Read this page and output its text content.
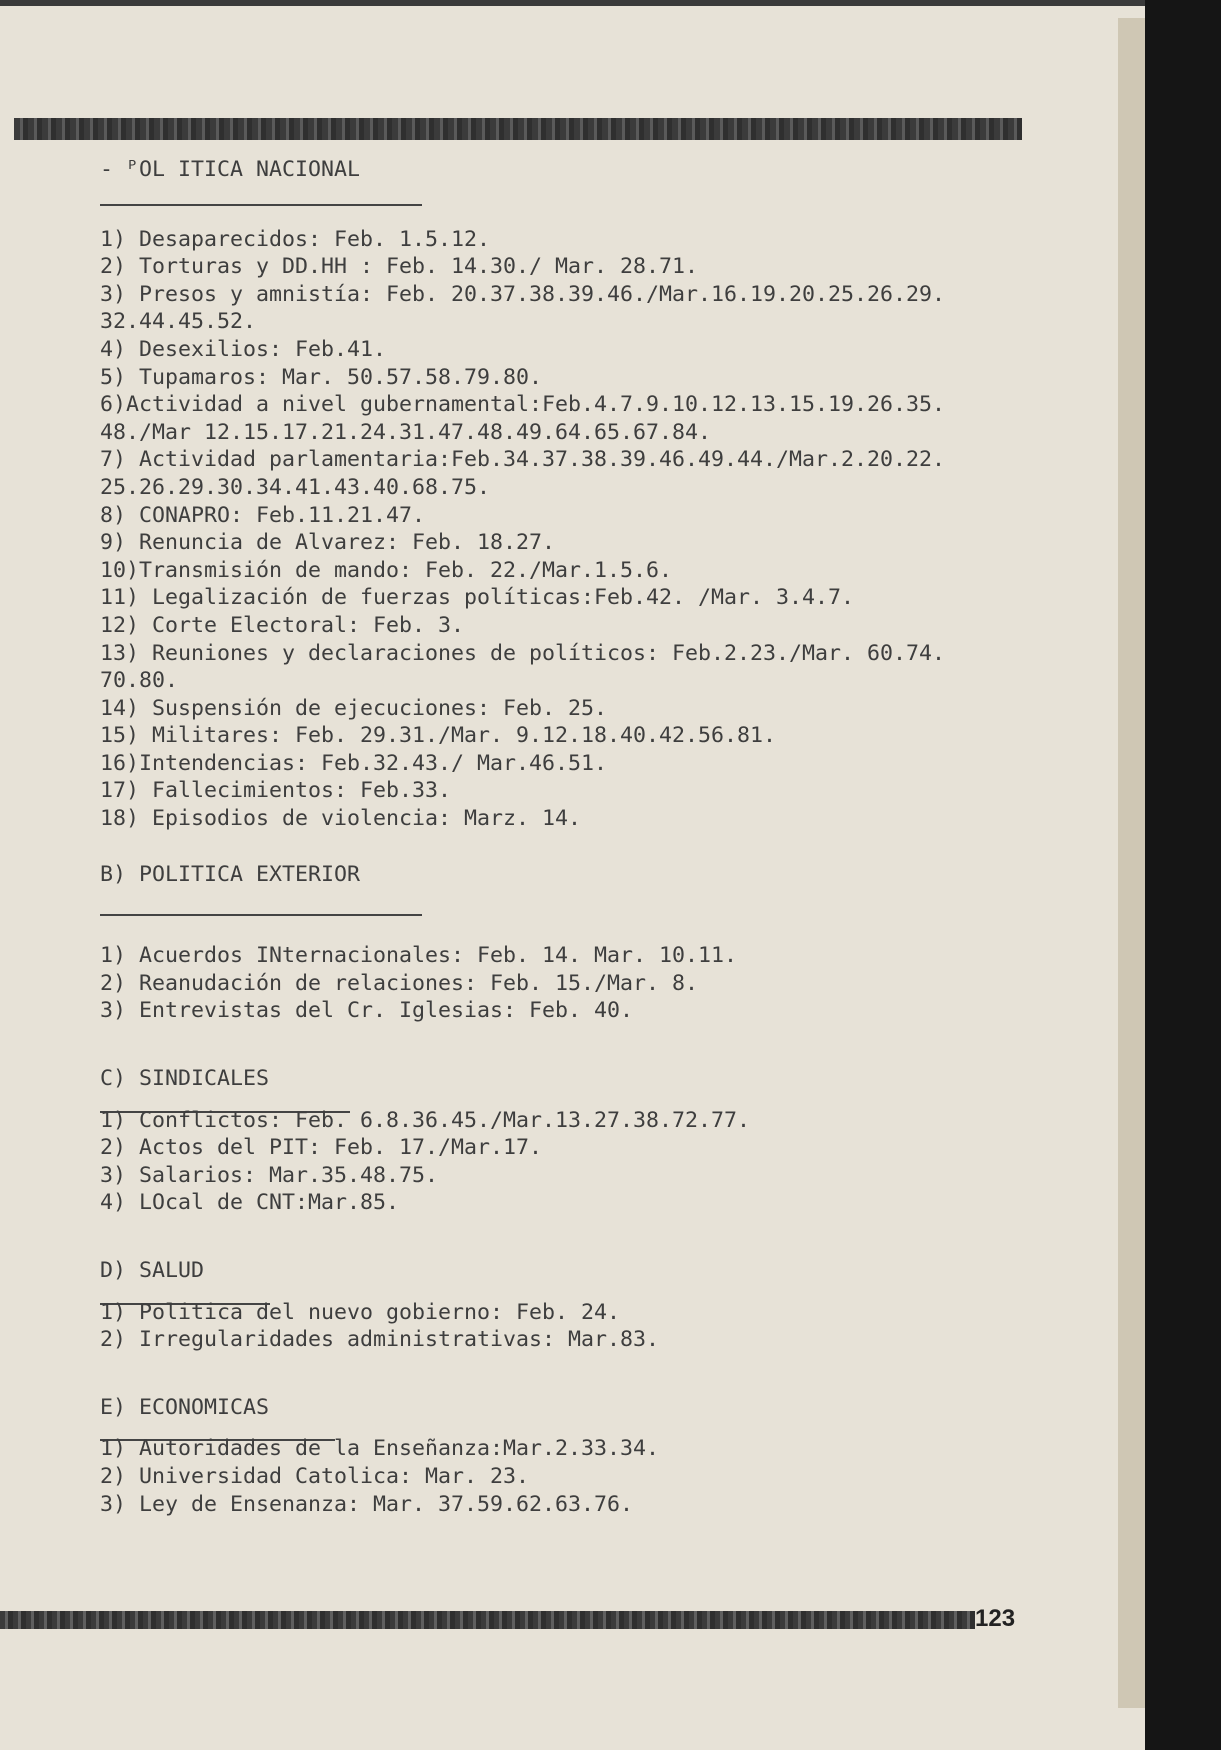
- ᴾOL ITICA NACIONAL
1) Desaparecidos: Feb. 1.5.12.
2) Torturas y DD.HH : Feb. 14.30./ Mar. 28.71.
3) Presos y amnistía: Feb. 20.37.38.39.46./Mar.16.19.20.25.26.29.
32.44.45.52.
4) Desexilios: Feb.41.
5) Tupamaros: Mar. 50.57.58.79.80.
6)Actividad a nivel gubernamental:Feb.4.7.9.10.12.13.15.19.26.35.
48./Mar 12.15.17.21.24.31.47.48.49.64.65.67.84.
7) Actividad parlamentaria:Feb.34.37.38.39.46.49.44./Mar.2.20.22.
25.26.29.30.34.41.43.40.68.75.
8) CONAPRO: Feb.11.21.47.
9) Renuncia de Alvarez: Feb. 18.27.
10)Transmisión de mando: Feb. 22./Mar.1.5.6.
11) Legalización de fuerzas políticas:Feb.42. /Mar. 3.4.7.
12) Corte Electoral: Feb. 3.
13) Reuniones y declaraciones de políticos: Feb.2.23./Mar. 60.74.
70.80.
14) Suspensión de ejecuciones: Feb. 25.
15) Militares: Feb. 29.31./Mar. 9.12.18.40.42.56.81.
16)Intendencias: Feb.32.43./ Mar.46.51.
17) Fallecimientos: Feb.33.
18) Episodios de violencia: Marz. 14.
B) POLITICA EXTERIOR
1) Acuerdos INternacionales: Feb. 14. Mar. 10.11.
2) Reanudación de relaciones: Feb. 15./Mar. 8.
3) Entrevistas del Cr. Iglesias: Feb. 40.
C) SINDICALES
1) Conflictos: Feb. 6.8.36.45./Mar.13.27.38.72.77.
2) Actos del PIT: Feb. 17./Mar.17.
3) Salarios: Mar.35.48.75.
4) LOcal de CNT:Mar.85.
D) SALUD
1) Politica del nuevo gobierno: Feb. 24.
2) Irregularidades administrativas: Mar.83.
E) ECONOMICAS
1) Autoridades de la Enseñanza:Mar.2.33.34.
2) Universidad Catolica: Mar. 23.
3) Ley de Ensenanza: Mar. 37.59.62.63.76.
123
